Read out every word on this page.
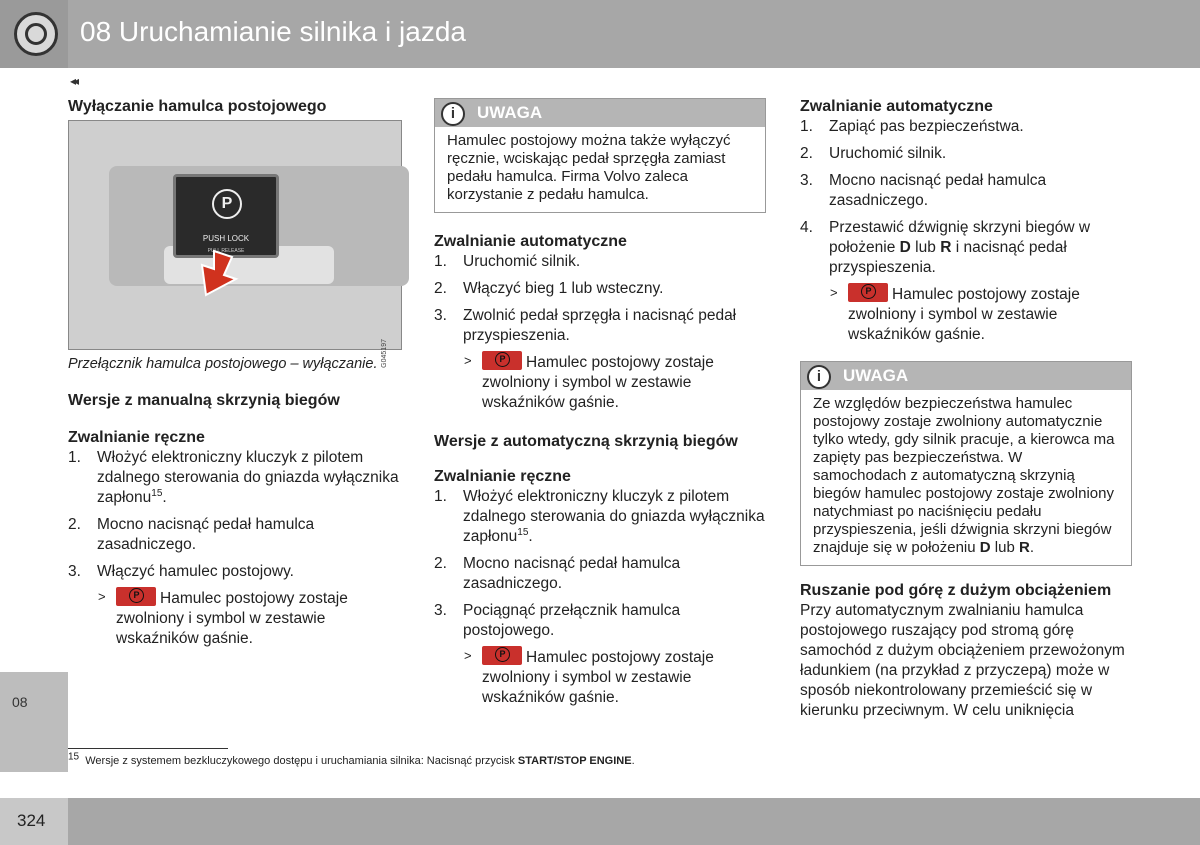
08 Uruchamianie silnika i jazda
◂◂
Wyłączanie hamulca postojowego
P
PUSH LOCK
PULL RELEASE
G045197
Przełącznik hamulca postojowego – wyłączanie.
Wersje z manualną skrzynią biegów
Zwalnianie ręczne
1. Włożyć elektroniczny kluczyk z pilotem zdalnego sterowania do gniazda wyłącznika zapłonu$^{15}$.
2. Mocno nacisnąć pedał hamulca zasadniczego.
3. Włączyć hamulec postojowy.
>	P Hamulec postojowy zostaje zwolniony i symbol w zestawie wskaźników gaśnie.
i	UWAGA
Hamulec postojowy można także wyłączyć ręcznie, wciskając pedał sprzęgła zamiast pedału hamulca. Firma Volvo zaleca korzystanie z pedału hamulca.
Zwalnianie automatyczne
1. Uruchomić silnik.
2. Włączyć bieg 1 lub wsteczny.
3. Zwolnić pedał sprzęgła i nacisnąć pedał przyspieszenia.
>	P Hamulec postojowy zostaje zwolniony i symbol w zestawie wskaźników gaśnie.
Wersje z automatyczną skrzynią biegów
Zwalnianie ręczne
1. Włożyć elektroniczny kluczyk z pilotem zdalnego sterowania do gniazda wyłącznika zapłonu$^{15}$.
2. Mocno nacisnąć pedał hamulca zasadniczego.
3. Pociągnąć przełącznik hamulca postojowego.
>	P Hamulec postojowy zostaje zwolniony i symbol w zestawie wskaźników gaśnie.
Zwalnianie automatyczne
1. Zapiąć pas bezpieczeństwa.
2. Uruchomić silnik.
3. Mocno nacisnąć pedał hamulca zasadniczego.
4. Przestawić dźwignię skrzyni biegów w położenie D lub R i nacisnąć pedał przyspieszenia.
>	P Hamulec postojowy zostaje zwolniony i symbol w zestawie wskaźników gaśnie.
i	UWAGA
Ze względów bezpieczeństwa hamulec postojowy zostaje zwolniony automatycznie tylko wtedy, gdy silnik pracuje, a kierowca ma zapięty pas bezpieczeństwa. W samochodach z automatyczną skrzynią biegów hamulec postojowy zostaje zwolniony natychmiast po naciśnięciu pedału przyspieszenia, jeśli dźwignia skrzyni biegów znajduje się w położeniu D lub R.
Ruszanie pod górę z dużym obciążeniem
Przy automatycznym zwalnianiu hamulca postojowego ruszający pod stromą górę samochód z dużym obciążeniem przewożonym ładunkiem (na przykład z przyczepą) może w sposób niekontrolowany przemieścić się w kierunku przeciwnym. W celu uniknięcia
08
$^{15}$ Wersje z systemem bezkluczykowego dostępu i uruchamiania silnika: Nacisnąć przycisk START/STOP ENGINE.
324
